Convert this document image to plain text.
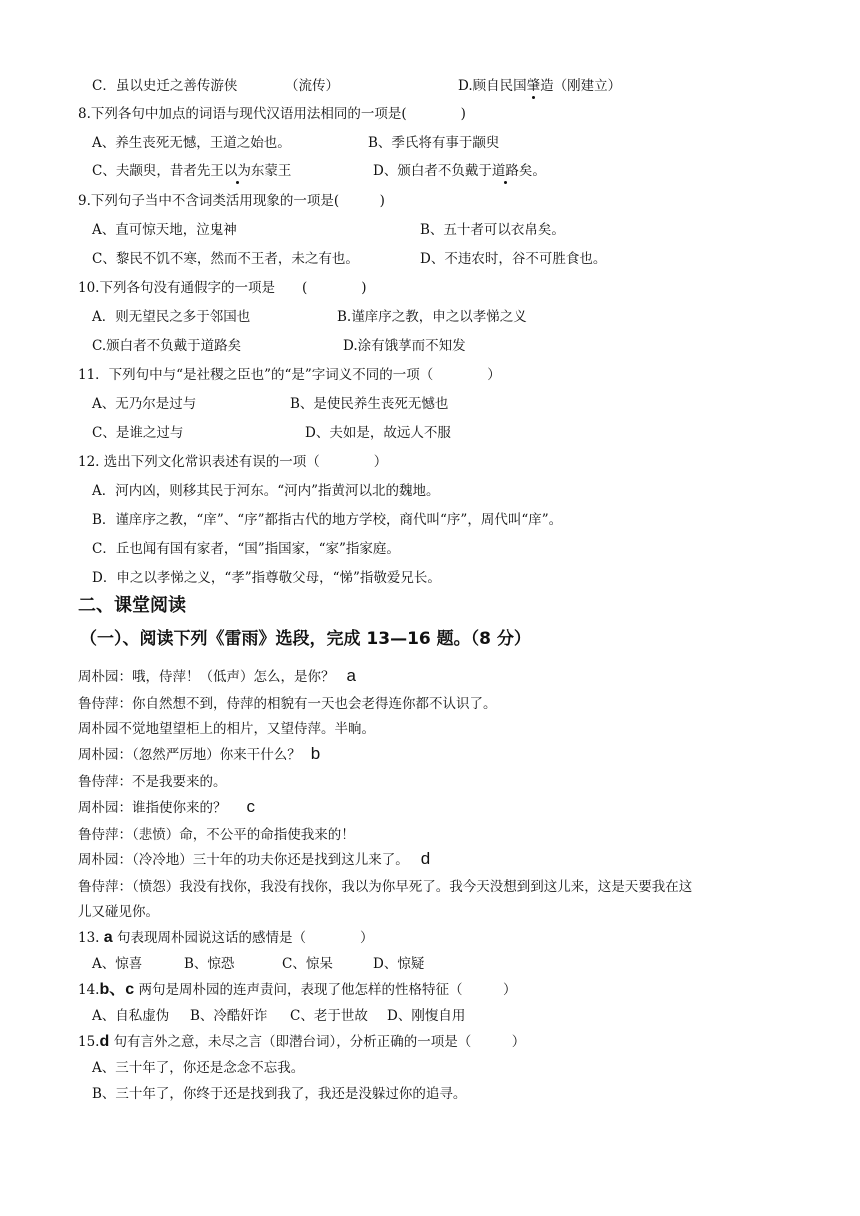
C．虽以史迁之善传游侠	（流传）	D.顾自民国肇造（刚建立）
8.下列各句中加点的词语与现代汉语用法相同的一项是(　　　　)
A、养生丧死无憾，王道之始也。	B、季氏将有事于颛臾
C、夫颛臾，昔者先王以为东蒙王	D、颁白者不负戴于道路矣。
9.下列句子当中不含词类活用现象的一项是(　　　)
A、直可惊天地，泣鬼神	B、五十者可以衣帛矣。
C、黎民不饥不寒，然而不王者，未之有也。	D、不违农时，谷不可胜食也。
10.下列各句没有通假字的一项是　　(　　　　)
A．则无望民之多于邻国也	B.谨庠序之教，申之以孝悌之义
C.颁白者不负戴于道路矣	D.涂有饿莩而不知发
11．下列句中与“是社稷之臣也”的“是”字词义不同的一项（　　　　）
A、无乃尔是过与	B、是使民养生丧死无憾也
C、是谁之过与	D、夫如是，故远人不服
12. 选出下列文化常识表述有误的一项（　　　　）
A．河内凶，则移其民于河东。“河内”指黄河以北的魏地。
B．谨庠序之教，“庠”、“序”都指古代的地方学校，商代叫“序”，周代叫“庠”。
C．丘也闻有国有家者，“国”指国家，“家”指家庭。
D．申之以孝悌之义，“孝”指尊敬父母，“悌”指敬爱兄长。
二、课堂阅读
（一）、阅读下列《雷雨》选段，完成 13—16 题。（8 分）
周朴园：哦，侍萍！（低声）怎么，是你？ a
鲁侍萍：你自然想不到，侍萍的相貌有一天也会老得连你都不认识了。
周朴园不觉地望望柜上的相片，又望侍萍。半晌。
周朴园：（忽然严厉地）你来干什么？ b
鲁侍萍：不是我要来的。
周朴园：谁指使你来的？ c
鲁侍萍：（悲愤）命，不公平的命指使我来的！
周朴园：（冷冷地）三十年的功夫你还是找到这儿来了。 d
鲁侍萍：（愤怨）我没有找你，我没有找你，我以为你早死了。我今天没想到到这儿来，这是天要我在这
儿又碰见你。
13. a 句表现周朴园说这话的感情是（　　　　）
A、惊喜	B、惊恐	C、惊呆	D、惊疑
14.b、c 两句是周朴园的连声责问，表现了他怎样的性格特征（　　　）
A、自私虚伪 B、冷酷奸诈 C、老于世故 D、刚愎自用
15.d 句有言外之意，未尽之言（即潜台词），分析正确的一项是（　　　）
A、三十年了，你还是念念不忘我。
B、三十年了，你终于还是找到我了，我还是没躲过你的追寻。
